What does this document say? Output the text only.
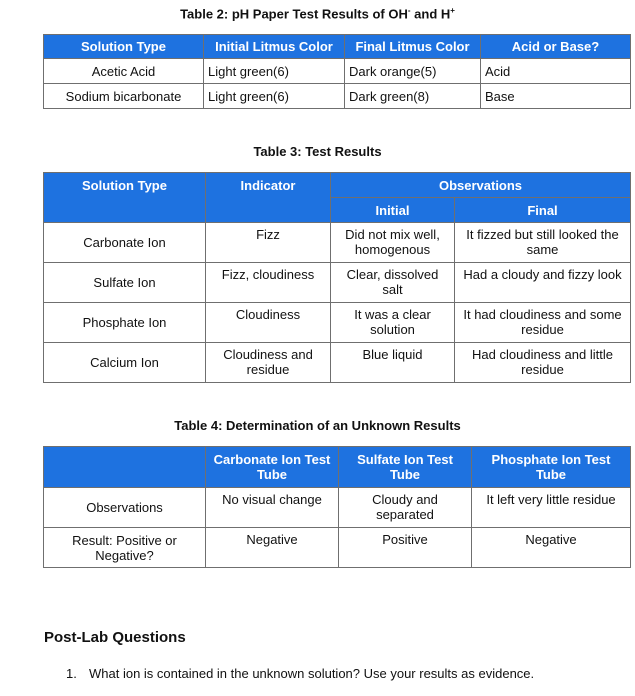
Table 2: pH Paper Test Results of OH- and H+
Solution Type	Initial Litmus Color	Final Litmus Color	Acid or Base?
Acetic Acid	Light green(6)	Dark orange(5)	Acid
Sodium bicarbonate	Light green(6)	Dark green(8)	Base
Table 3: Test Results
Solution Type	Indicator	Observations	
		Initial	Final
Carbonate Ion	Fizz	Did not mix well, homogenous	It fizzed but still looked the same
Sulfate Ion	Fizz, cloudiness	Clear, dissolved salt	Had a cloudy and fizzy look
Phosphate Ion	Cloudiness	It was a clear solution	It had cloudiness and some residue
Calcium Ion	Cloudiness and residue	Blue liquid	Had cloudiness and little residue
Table 4: Determination of an Unknown Results
	Carbonate Ion Test Tube	Sulfate Ion Test Tube	Phosphate Ion Test Tube
Observations	No visual change	Cloudy and separated	It left very little residue
Result: Positive or Negative?	Negative	Positive	Negative
Post-Lab Questions
1. What ion is contained in the unknown solution? Use your results as evidence.
